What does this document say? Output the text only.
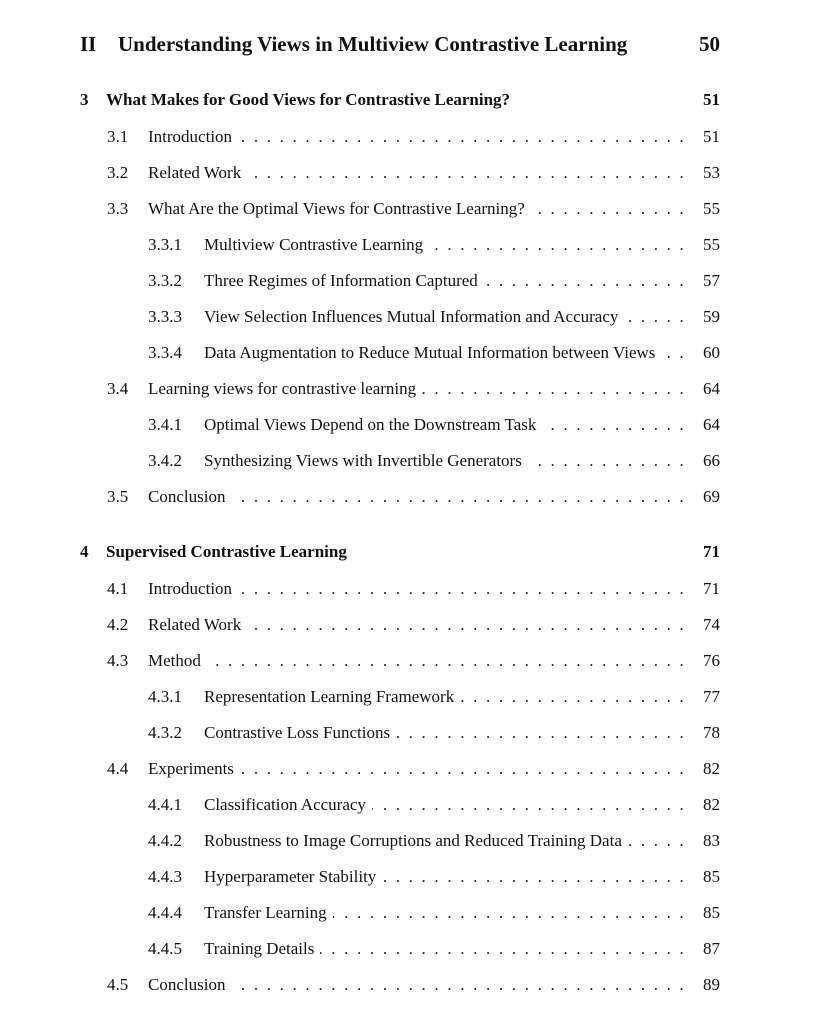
II	Understanding Views in Multiview Contrastive Learning	50
3	What Makes for Good Views for Contrastive Learning?	51
3.1	Introduction . . .	51
3.2	Related Work . . .	53
3.3	What Are the Optimal Views for Contrastive Learning? . . .	55
3.3.1	Multiview Contrastive Learning . . .	55
3.3.2	Three Regimes of Information Captured . . .	57
3.3.3	View Selection Influences Mutual Information and Accuracy . . .	59
3.3.4	Data Augmentation to Reduce Mutual Information between Views . . .	60
3.4	Learning views for contrastive learning . . .	64
3.4.1	Optimal Views Depend on the Downstream Task . . .	64
3.4.2	Synthesizing Views with Invertible Generators . . .	66
3.5	Conclusion . . .	69
4	Supervised Contrastive Learning	71
4.1	Introduction . . .	71
4.2	Related Work . . .	74
4.3	Method . . .	76
4.3.1	Representation Learning Framework . . .	77
4.3.2	Contrastive Loss Functions . . .	78
4.4	Experiments . . .	82
4.4.1	Classification Accuracy . . .	82
4.4.2	Robustness to Image Corruptions and Reduced Training Data . . .	83
4.4.3	Hyperparameter Stability . . .	85
4.4.4	Transfer Learning . . .	85
4.4.5	Training Details . . .	87
4.5	Conclusion . . .	89
